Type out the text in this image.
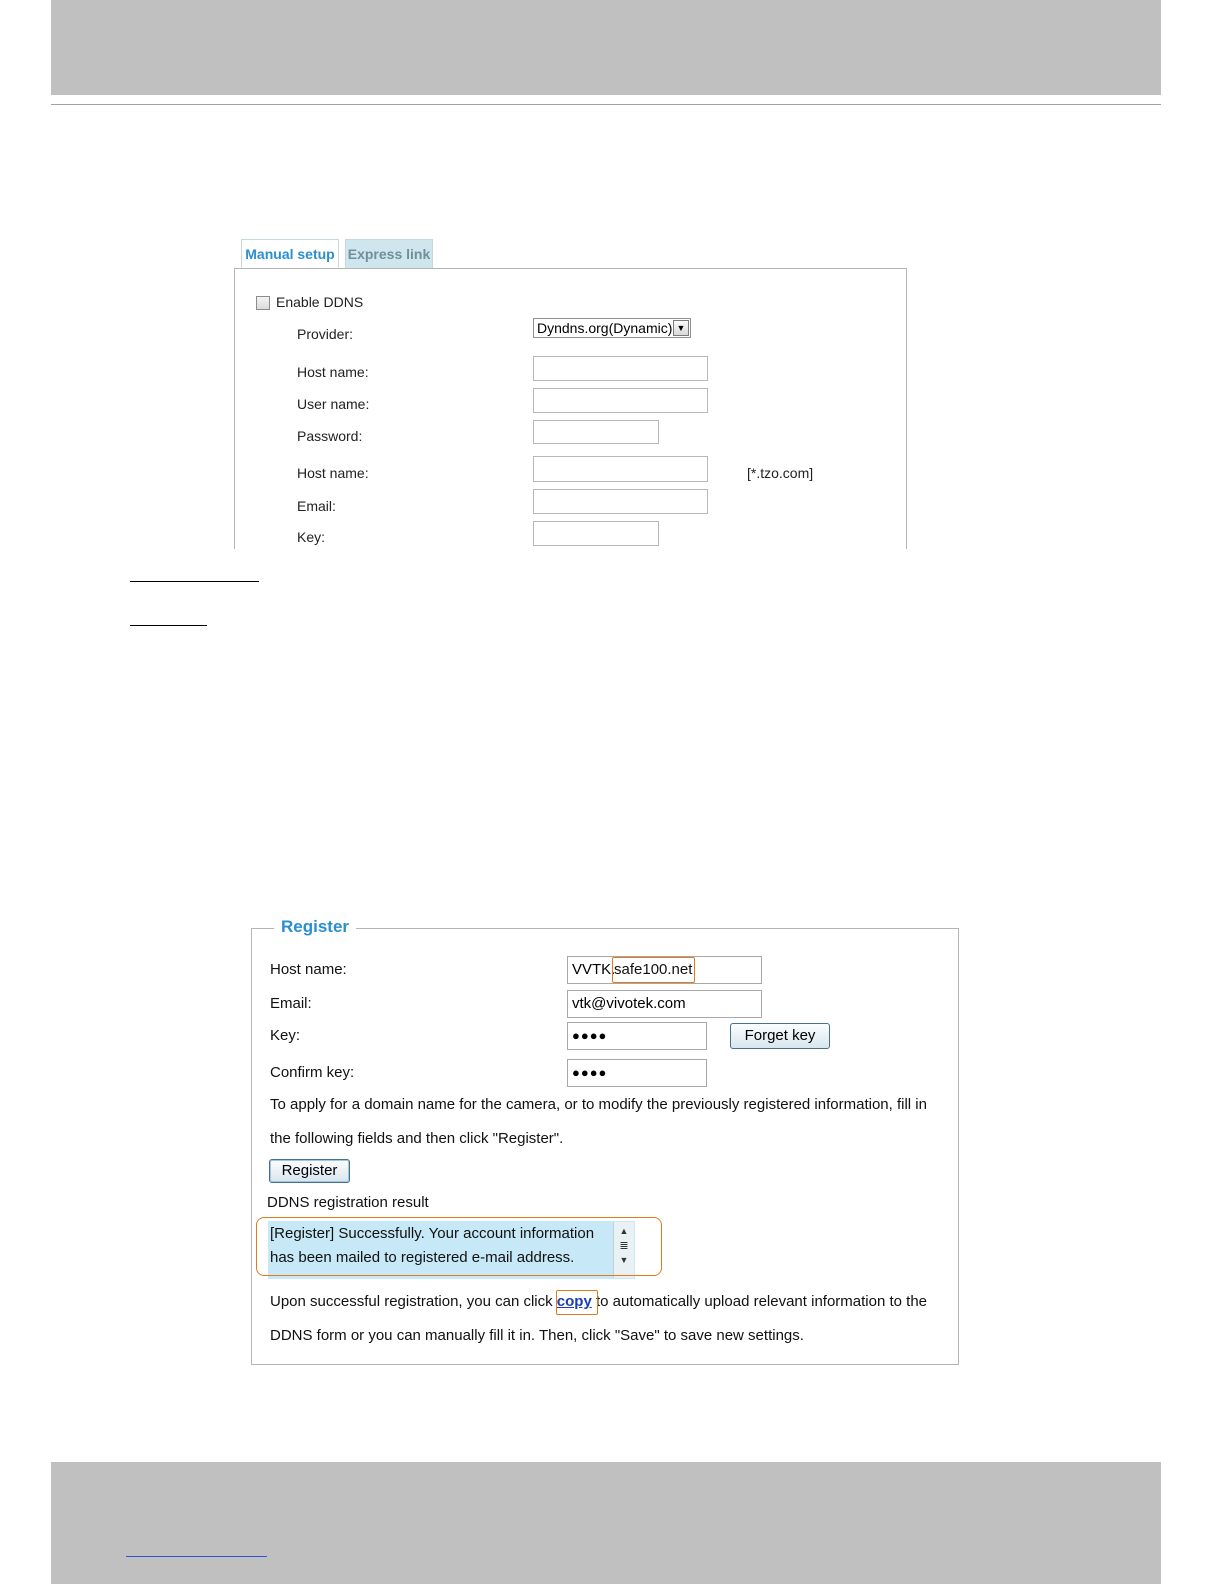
Manual setup Express link
Enable DDNS
Provider:	Dyndns.org(Dynamic) ▼
Host name:
User name:
Password:
Host name:	[*.tzo.com]
Email:
Key:
Register
Host name:	VVTK.
safe100.net
Email:	vtk@vivotek.com
Key:	●●●●	Forget key
Confirm key:	●●●●
To apply for a domain name for the camera, or to modify the previously registered information, fill in
the following fields and then click "Register".
Register
DDNS registration result
[Register] Successfully. Your account information
has been mailed to registered e-mail address.
▲
≣
▼
Upon successful registration, you can click copy to automatically upload relevant information to the
DDNS form or you can manually fill it in. Then, click "Save" to save new settings.
